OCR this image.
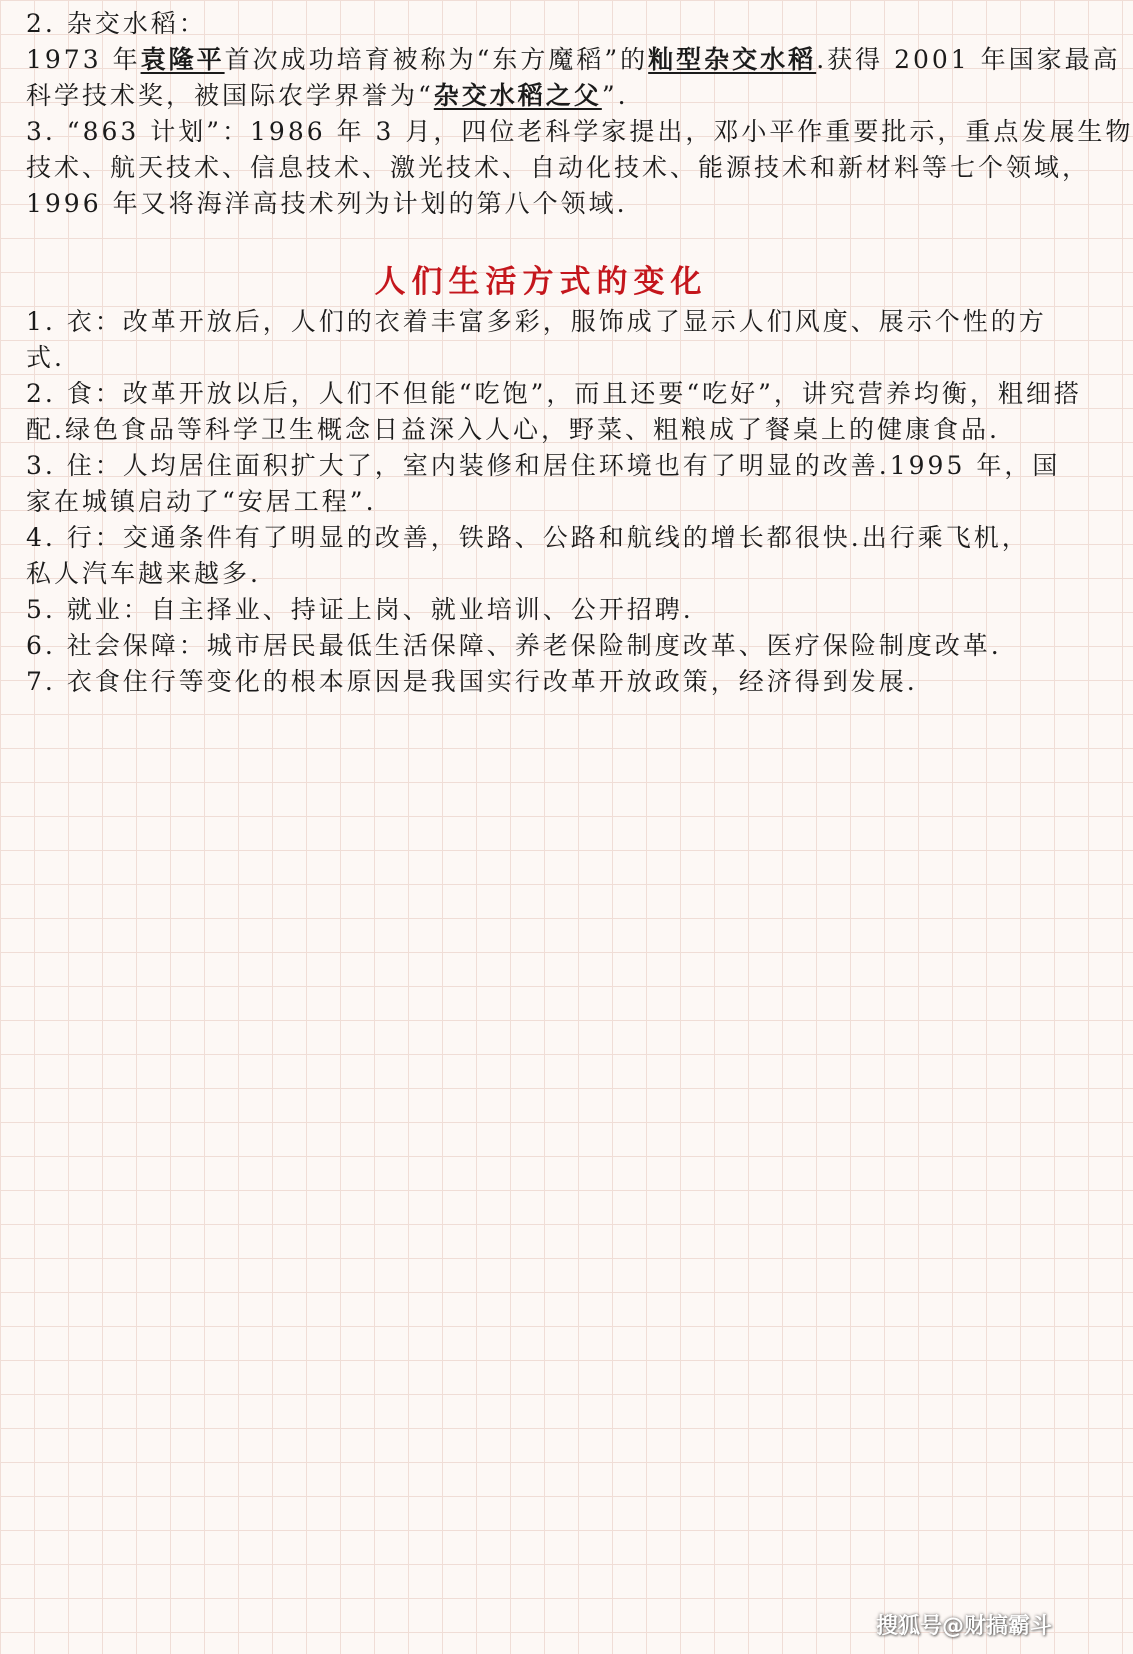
2. 杂交水稻：
1973 年袁隆平首次成功培育被称为“东方魔稻”的籼型杂交水稻.获得 2001 年国家最高
科学技术奖，被国际农学界誉为“杂交水稻之父”.
3. “863 计划”：1986 年 3 月，四位老科学家提出，邓小平作重要批示，重点发展生物
技术、航天技术、信息技术、激光技术、自动化技术、能源技术和新材料等七个领域，
1996 年又将海洋高技术列为计划的第八个领域.
人们生活方式的变化
1. 衣：改革开放后，人们的衣着丰富多彩，服饰成了显示人们风度、展示个性的方
式.
2. 食：改革开放以后，人们不但能“吃饱”，而且还要“吃好”，讲究营养均衡，粗细搭
配.绿色食品等科学卫生概念日益深入人心，野菜、粗粮成了餐桌上的健康食品.
3. 住：人均居住面积扩大了，室内装修和居住环境也有了明显的改善.1995 年，国
家在城镇启动了“安居工程”.
4. 行：交通条件有了明显的改善，铁路、公路和航线的增长都很快.出行乘飞机，
私人汽车越来越多.
5. 就业：自主择业、持证上岗、就业培训、公开招聘.
6. 社会保障：城市居民最低生活保障、养老保险制度改革、医疗保险制度改革.
7. 衣食住行等变化的根本原因是我国实行改革开放政策，经济得到发展.
搜狐号@财搞霸斗
